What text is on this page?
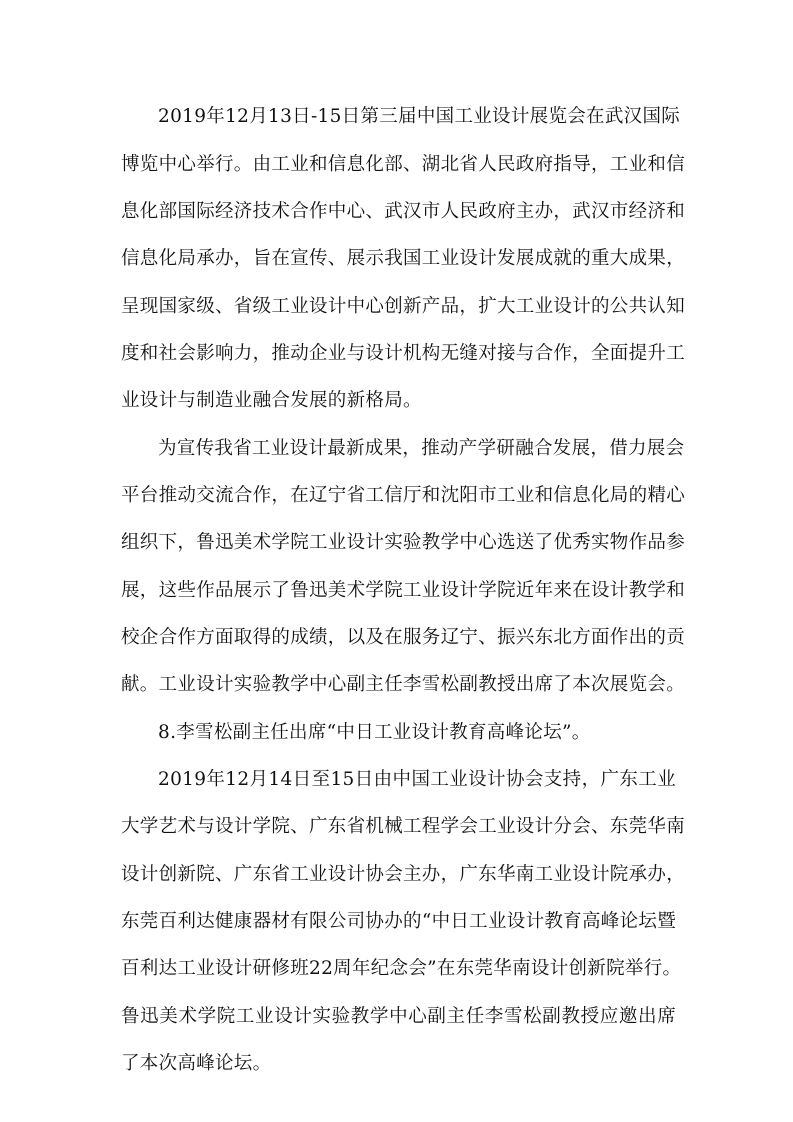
2019年12月13日-15日第三届中国工业设计展览会在武汉国际
博览中心举行。由工业和信息化部、湖北省人民政府指导，工业和信
息化部国际经济技术合作中心、武汉市人民政府主办，武汉市经济和
信息化局承办，旨在宣传、展示我国工业设计发展成就的重大成果，
呈现国家级、省级工业设计中心创新产品，扩大工业设计的公共认知
度和社会影响力，推动企业与设计机构无缝对接与合作，全面提升工
业设计与制造业融合发展的新格局。
为宣传我省工业设计最新成果，推动产学研融合发展，借力展会
平台推动交流合作，在辽宁省工信厅和沈阳市工业和信息化局的精心
组织下，鲁迅美术学院工业设计实验教学中心选送了优秀实物作品参
展，这些作品展示了鲁迅美术学院工业设计学院近年来在设计教学和
校企合作方面取得的成绩，以及在服务辽宁、振兴东北方面作出的贡
献。工业设计实验教学中心副主任李雪松副教授出席了本次展览会。
8.李雪松副主任出席“中日工业设计教育高峰论坛”。
2019年12月14日至15日由中国工业设计协会支持，广东工业
大学艺术与设计学院、广东省机械工程学会工业设计分会、东莞华南
设计创新院、广东省工业设计协会主办，广东华南工业设计院承办，
东莞百利达健康器材有限公司协办的“中日工业设计教育高峰论坛暨
百利达工业设计研修班22周年纪念会”在东莞华南设计创新院举行。
鲁迅美术学院工业设计实验教学中心副主任李雪松副教授应邀出席
了本次高峰论坛。
